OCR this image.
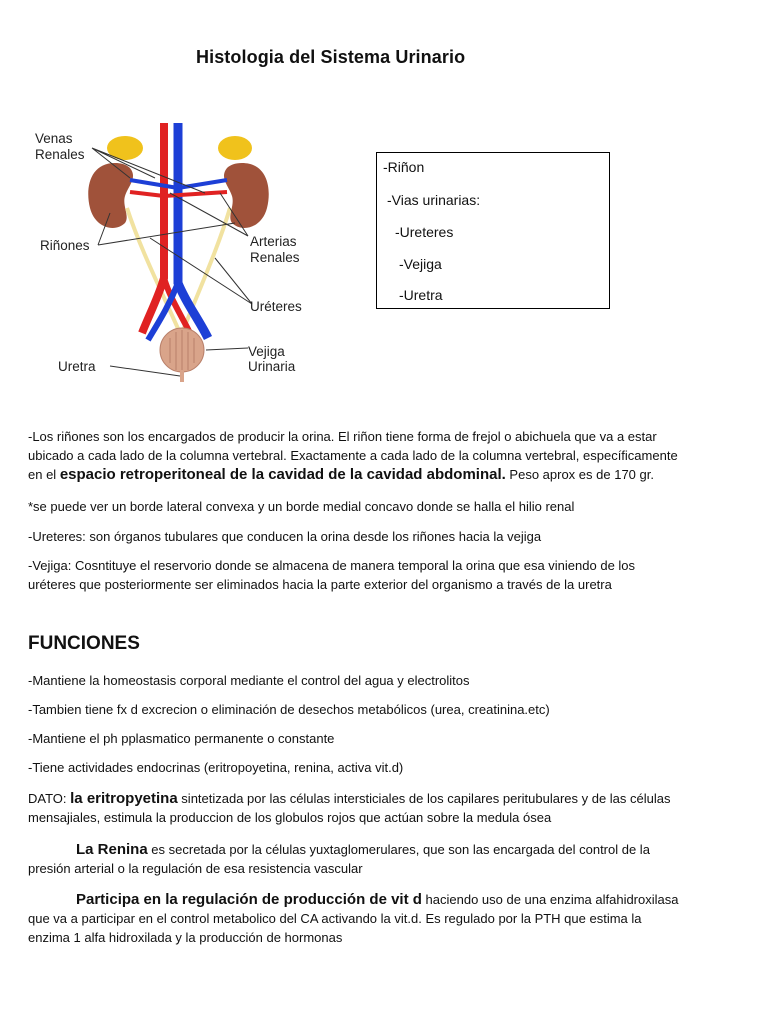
Histologia del Sistema Urinario
Venas
Renales
Riñones	Arterias
Renales
Uréteres
Vejiga
Urinaria
Uretra
-Riñon
-Vias urinarias:
-Ureteres
-Vejiga
-Uretra
-Los riñones son los encargados de producir la orina. El riñon tiene forma de frejol o abichuela que va a estar
ubicado a cada lado de la columna vertebral. Exactamente a cada lado de la columna vertebral, específicamente
en el espacio retroperitoneal de la cavidad de la cavidad abdominal. Peso aprox es de 170 gr.
*se puede ver un borde lateral convexa y un borde medial concavo donde se halla el hilio renal
-Ureteres: son órganos tubulares que conducen la orina desde los riñones hacia la vejiga
-Vejiga: Cosntituye el reservorio donde se almacena de manera temporal la orina que esa viniendo de los
uréteres que posteriormente ser eliminados hacia la parte exterior del organismo a través de la uretra
FUNCIONES
-Mantiene la homeostasis corporal mediante el control del agua y electrolitos
-Tambien tiene fx d excrecion o eliminación de desechos metabólicos (urea, creatinina.etc)
-Mantiene el ph pplasmatico permanente o constante
-Tiene actividades endocrinas (eritropoyetina, renina, activa vit.d)
DATO: la eritropyetina sintetizada por las células intersticiales de los capilares peritubulares y de las células
mensajiales, estimula la produccion de los globulos rojos que actúan sobre la medula ósea
La Renina es secretada por la células yuxtaglomerulares, que son las encargada del control de la
presión arterial o la regulación de esa resistencia vascular
Participa en la regulación de producción de vit d haciendo uso de una enzima alfahidroxilasa
que va a participar en el control metabolico del CA activando la vit.d. Es regulado por la PTH que estima la
enzima 1 alfa hidroxilada y la producción de hormonas
